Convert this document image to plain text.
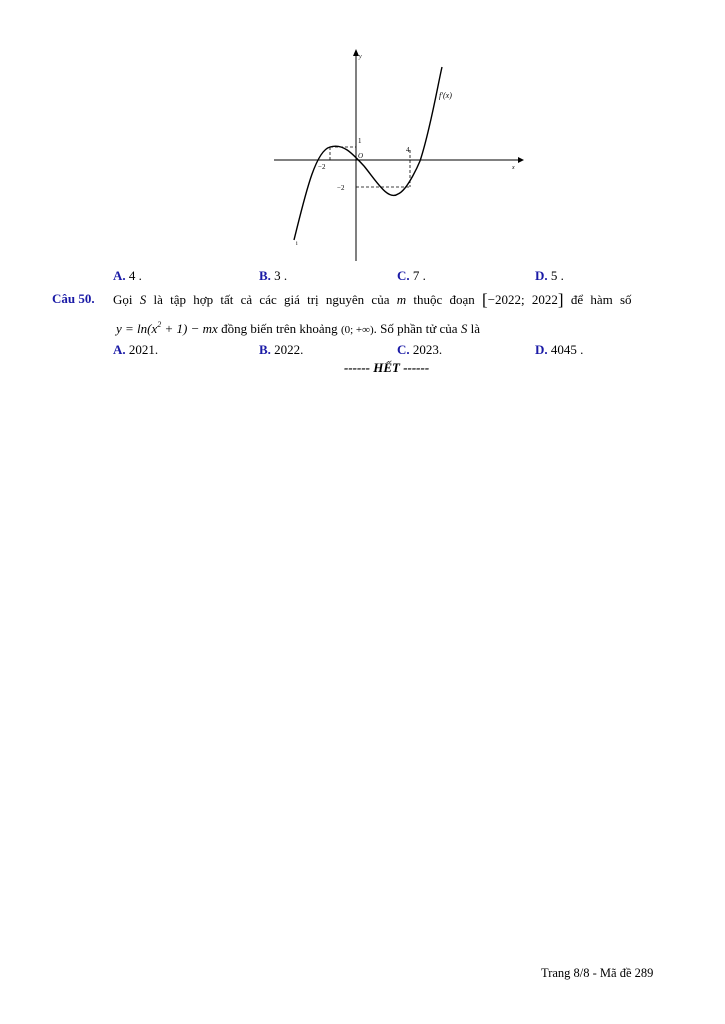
y
x
f′(x)
O
−2
4
1
−2
i
A. 4 .	B. 3 .	C. 7 .	D. 5 .
Câu 50. Gọi S là tập hợp tất cả các giá trị nguyên của m thuộc đoạn [−2022; 2022] để hàm số
$y = \ln(x^2 + 1)$ − mx đồng biến trên khoảng (0; +∞). Số phần tử của S là
A. 2021.	B. 2022.	C. 2023.	D. 4045 .
------ HẾT ------
Trang 8/8 - Mã đề 289
